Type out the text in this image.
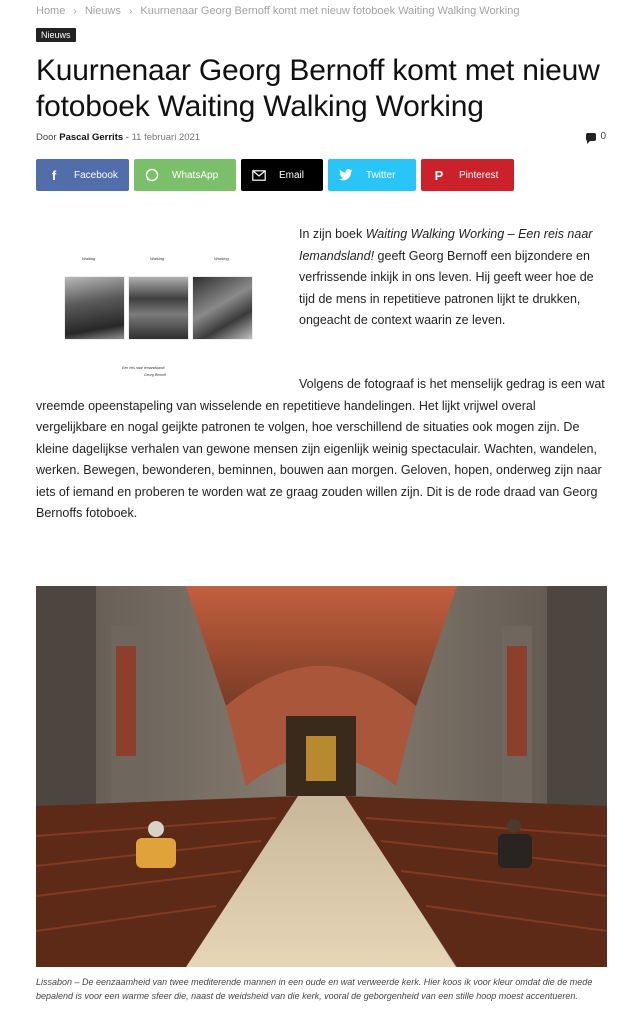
Home › Nieuws › Kuurnenaar Georg Bernoff komt met nieuw fotoboek Waiting Walking Working
Nieuws
Kuurnenaar Georg Bernoff komt met nieuw fotoboek Waiting Walking Working
Door Pascal Gerrits - 11 februari 2021	0
f	Facebook	WhatsApp	Email	Twitter	P	Pinterest
Waiting	Walking	Working
Een reis naar Iemandsland!
Georg Bernoff

In zijn boek Waiting Walking Working – Een reis naar Iemandsland! geeft Georg Bernoff een bijzondere en verfrissende inkijk in ons leven. Hij geeft weer hoe de tijd de mens in repetitieve patronen lijkt te drukken, ongeacht de context waarin ze leven.

Volgens de fotograaf is het menselijk gedrag is een wat vreemde opeenstapeling van wisselende en repetitieve handelingen. Het lijkt vrijwel overal vergelijkbare en nogal geijkte patronen te volgen, hoe verschillend de situaties ook mogen zijn. De kleine dagelijkse verhalen van gewone mensen zijn eigenlijk weinig spectaculair. Wachten, wandelen, werken. Bewegen, bewonderen, beminnen, bouwen aan morgen. Geloven, hopen, onderweg zijn naar iets of iemand en proberen te worden wat ze graag zouden willen zijn. Dit is de rode draad van Georg Bernoffs fotoboek.

Lissabon – De eenzaamheid van twee mediterende mannen in een oude en wat verweerde kerk. Hier koos ik voor kleur omdat die de mede bepalend is voor een warme sfeer die, naast de weidsheid van die kerk, vooral de geborgenheid van een stille hoop moest accentueren.
